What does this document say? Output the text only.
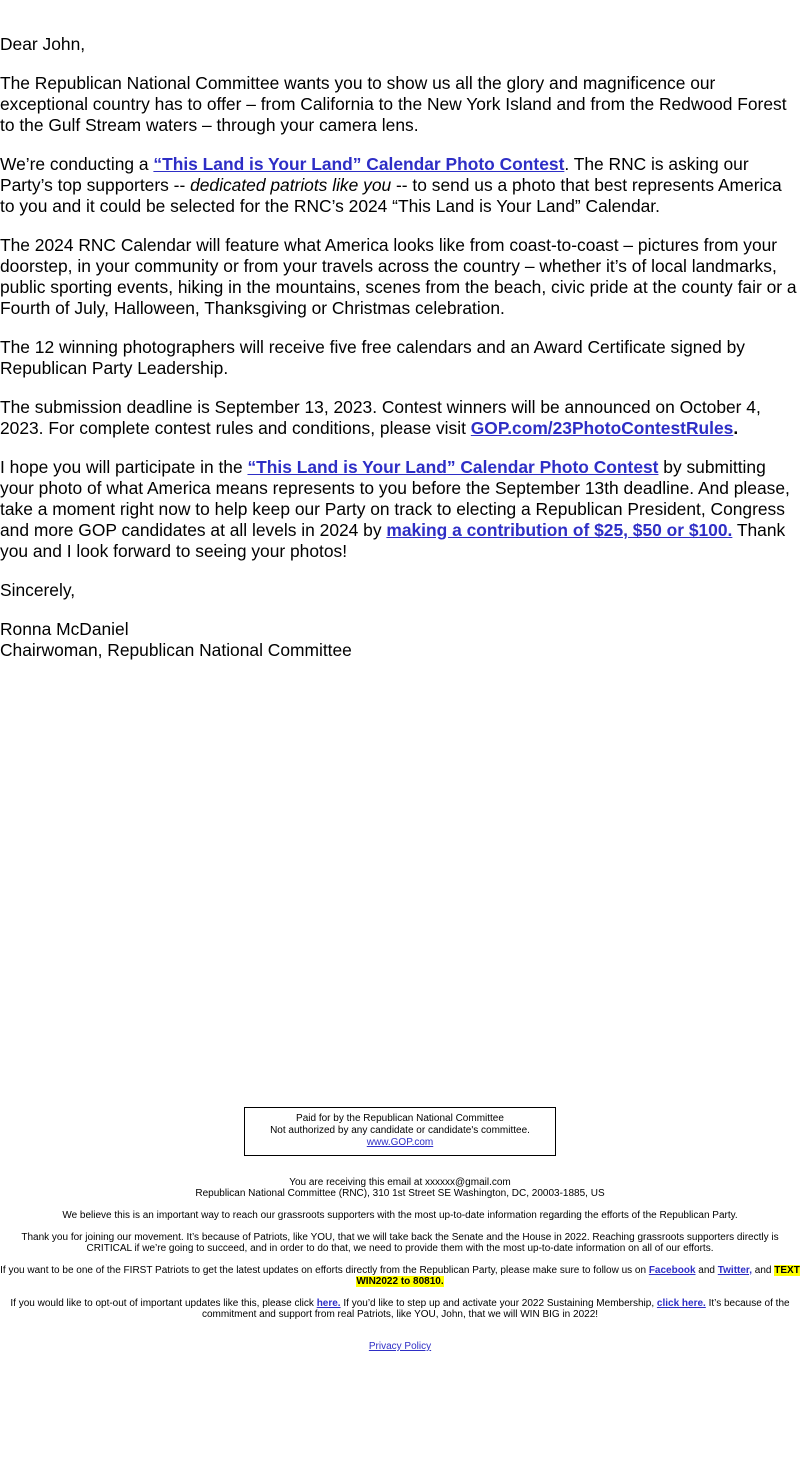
Dear John,

The Republican National Committee wants you to show us all the glory and magnificence our exceptional country has to offer – from California to the New York Island and from the Redwood Forest to the Gulf Stream waters – through your camera lens.

We’re conducting a “This Land is Your Land” Calendar Photo Contest. The RNC is asking our Party’s top supporters -- dedicated patriots like you -- to send us a photo that best represents America to you and it could be selected for the RNC’s 2024 “This Land is Your Land” Calendar.

The 2024 RNC Calendar will feature what America looks like from coast-to-coast – pictures from your doorstep, in your community or from your travels across the country – whether it’s of local landmarks, public sporting events, hiking in the mountains, scenes from the beach, civic pride at the county fair or a Fourth of July, Halloween, Thanksgiving or Christmas celebration.

The 12 winning photographers will receive five free calendars and an Award Certificate signed by Republican Party Leadership.

The submission deadline is September 13, 2023. Contest winners will be announced on October 4, 2023. For complete contest rules and conditions, please visit GOP.com/23PhotoContestRules.

I hope you will participate in the “This Land is Your Land” Calendar Photo Contest by submitting your photo of what America means represents to you before the September 13th deadline. And please, take a moment right now to help keep our Party on track to electing a Republican President, Congress and more GOP candidates at all levels in 2024 by making a contribution of $25, $50 or $100. Thank you and I look forward to seeing your photos!

Sincerely,

Ronna McDaniel
Chairwoman, Republican National Committee

Paid for by the Republican National Committee
Not authorized by any candidate or candidate's committee.
www.GOP.com

You are receiving this email at xxxxxx@gmail.com

Republican National Committee (RNC), 310 1st Street SE Washington, DC, 20003-1885, US

We believe this is an important way to reach our grassroots supporters with the most up-to-date information regarding the efforts of the Republican Party.

Thank you for joining our movement. It’s because of Patriots, like YOU, that we will take back the Senate and the House in 2022. Reaching grassroots supporters directly is CRITICAL if we’re going to succeed, and in order to do that, we need to provide them with the most up-to-date information on all of our efforts.

If you want to be one of the FIRST Patriots to get the latest updates on efforts directly from the Republican Party, please make sure to follow us on Facebook and Twitter, and TEXT WIN2022 to 80810.

If you would like to opt-out of important updates like this, please click here. If you’d like to step up and activate your 2022 Sustaining Membership, click here. It’s because of the commitment and support from real Patriots, like YOU, John, that we will WIN BIG in 2022!

Privacy Policy
